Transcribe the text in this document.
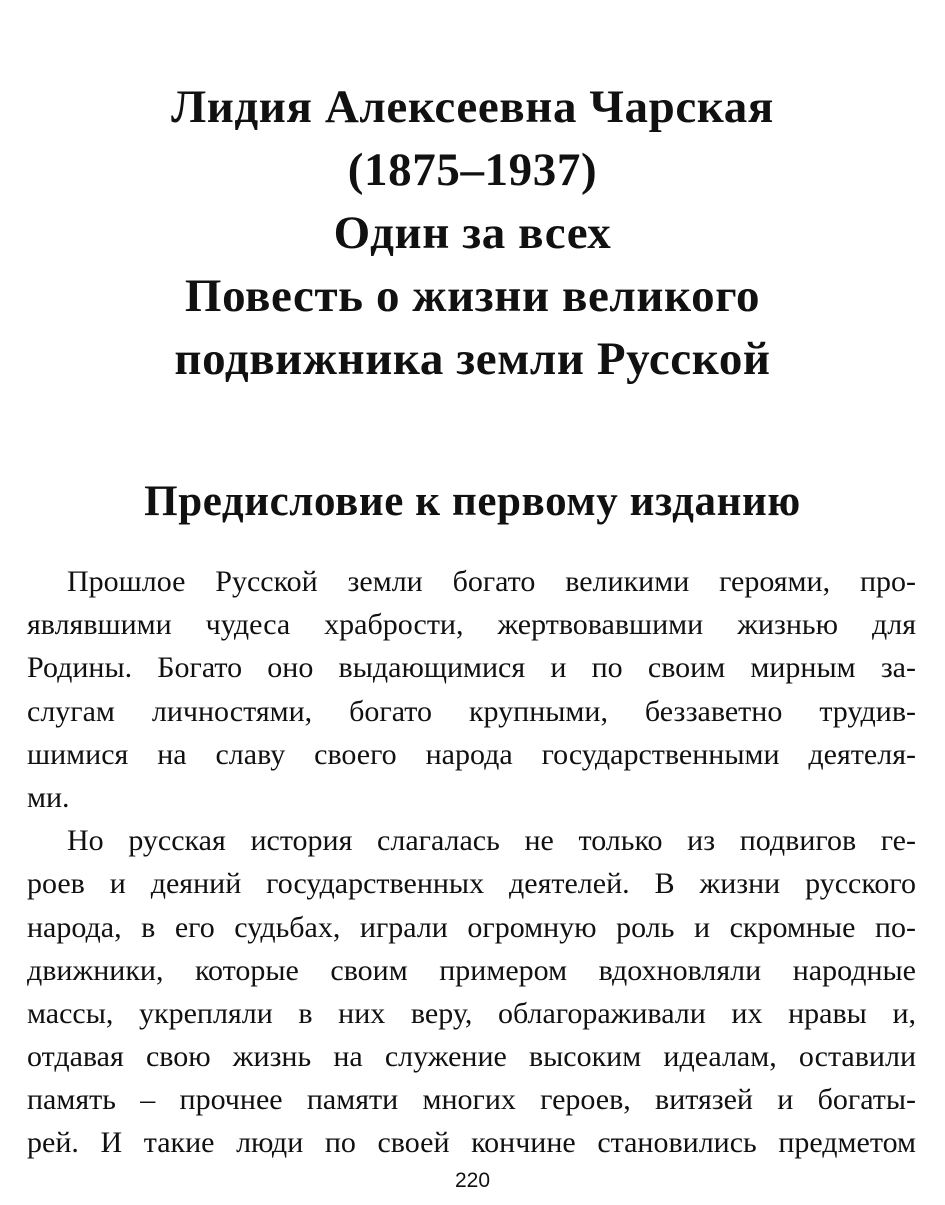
Лидия Алексеевна Чарская
(1875–1937)
Один за всех
Повесть о жизни великого
подвижника земли Русской
Предисловие к первому изданию
Прошлое Русской земли богато великими героями, про-
являвшими чудеса храбрости, жертвовавшими жизнью для
Родины. Богато оно выдающимися и по своим мирным за-
слугам личностями, богато крупными, беззаветно трудив-
шимися на славу своего народа государственными деятеля-
ми.
Но русская история слагалась не только из подвигов ге-
роев и деяний государственных деятелей. В жизни русского
народа, в его судьбах, играли огромную роль и скромные по-
движники, которые своим примером вдохновляли народные
массы, укрепляли в них веру, облагораживали их нравы и,
отдавая свою жизнь на служение высоким идеалам, оставили
память – прочнее памяти многих героев, витязей и богаты-
рей. И такие люди по своей кончине становились предметом
220
